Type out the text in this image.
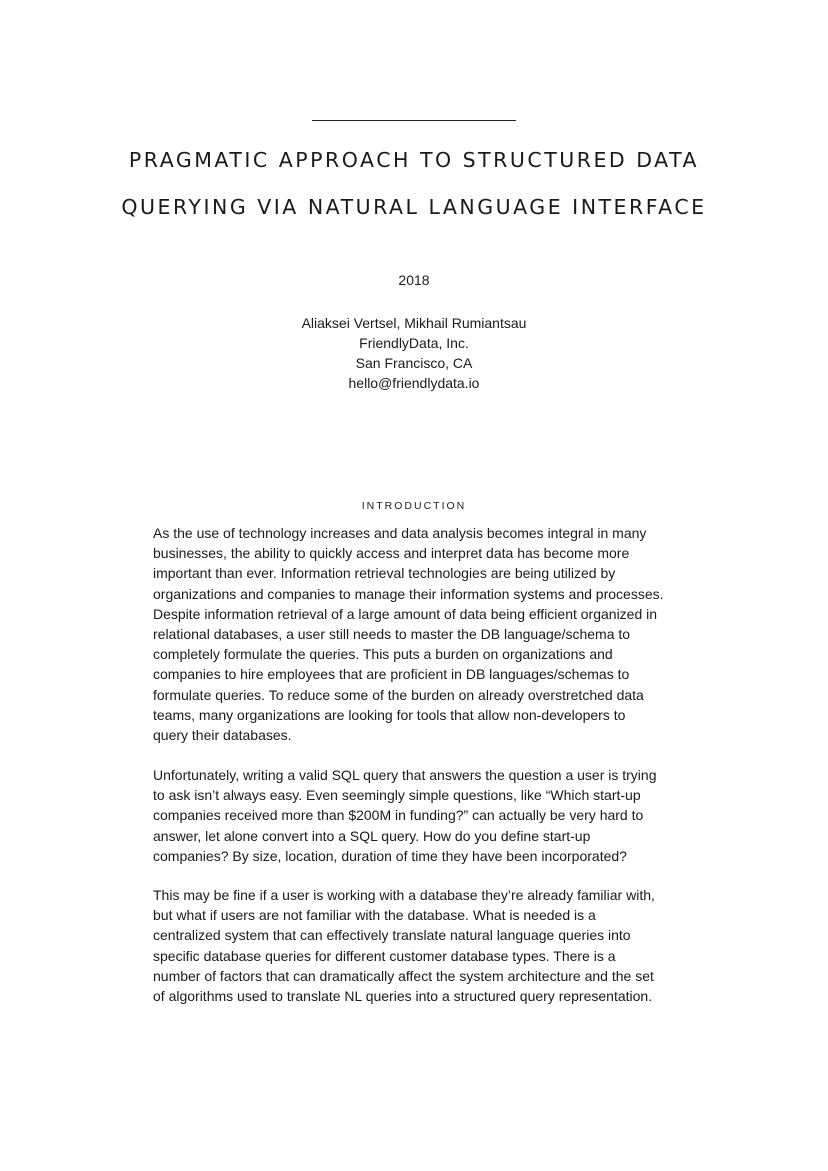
PRAGMATIC APPROACH TO STRUCTURED DATA
QUERYING VIA NATURAL LANGUAGE INTERFACE
2018
Aliaksei Vertsel, Mikhail Rumiantsau
FriendlyData, Inc.
San Francisco, CA
hello@friendlydata.io
INTRODUCTION
As the use of technology increases and data analysis becomes integral in many
businesses, the ability to quickly access and interpret data has become more
important than ever. Information retrieval technologies are being utilized by
organizations and companies to manage their information systems and processes.
Despite information retrieval of a large amount of data being efficient organized in
relational databases, a user still needs to master the DB language/schema to
completely formulate the queries. This puts a burden on organizations and
companies to hire employees that are proficient in DB languages/schemas to
formulate queries. To reduce some of the burden on already overstretched data
teams, many organizations are looking for tools that allow non-developers to
query their databases.
Unfortunately, writing a valid SQL query that answers the question a user is trying
to ask isn’t always easy. Even seemingly simple questions, like “Which start-up
companies received more than $200M in funding?” can actually be very hard to
answer, let alone convert into a SQL query. How do you define start-up
companies? By size, location, duration of time they have been incorporated?
This may be fine if a user is working with a database they’re already familiar with,
but what if users are not familiar with the database. What is needed is a
centralized system that can effectively translate natural language queries into
specific database queries for different customer database types. There is a
number of factors that can dramatically affect the system architecture and the set
of algorithms used to translate NL queries into a structured query representation.
